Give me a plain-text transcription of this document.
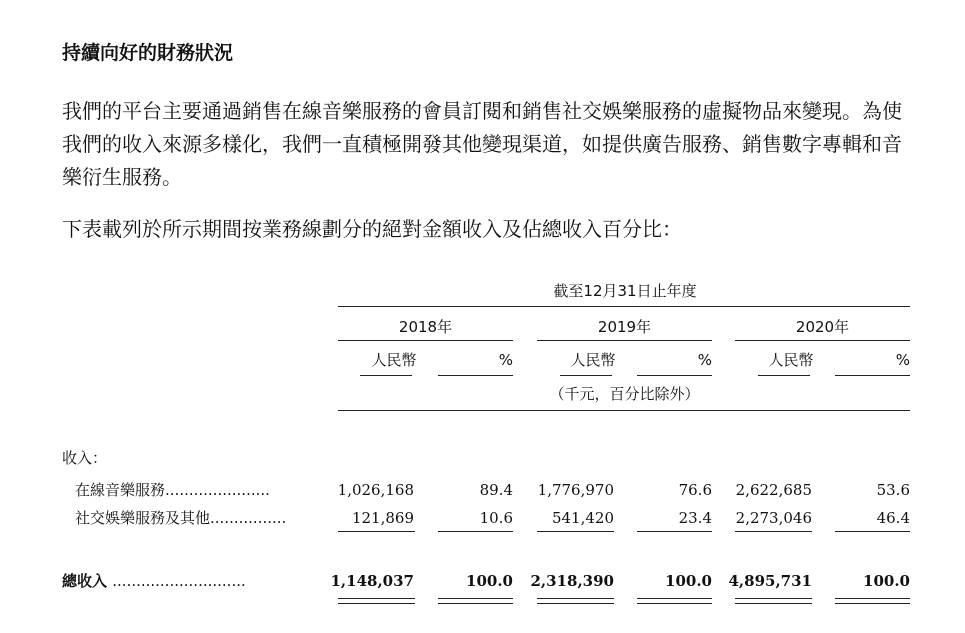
持續向好的財務狀況

我們的平台主要通過銷售在線音樂服務的會員訂閱和銷售社交娛樂服務的虛擬物品來變現。為使我們的收入來源多樣化，我們一直積極開發其他變現渠道，如提供廣告服務、銷售數字專輯和音樂衍生服務。

下表載列於所示期間按業務線劃分的絕對金額收入及佔總收入百分比：

截至12月31日止年度
2018年	2019年	2020年
人民幣	%	人民幣	%	人民幣	%
（千元，百分比除外）
收入：
在線音樂服務......................	1,026,168	89.4	1,776,970	76.6	2,622,685	53.6
社交娛樂服務及其他................	121,869	10.6	541,420	23.4	2,273,046	46.4
總收入 ............................	1,148,037	100.0	2,318,390	100.0	4,895,731	100.0
